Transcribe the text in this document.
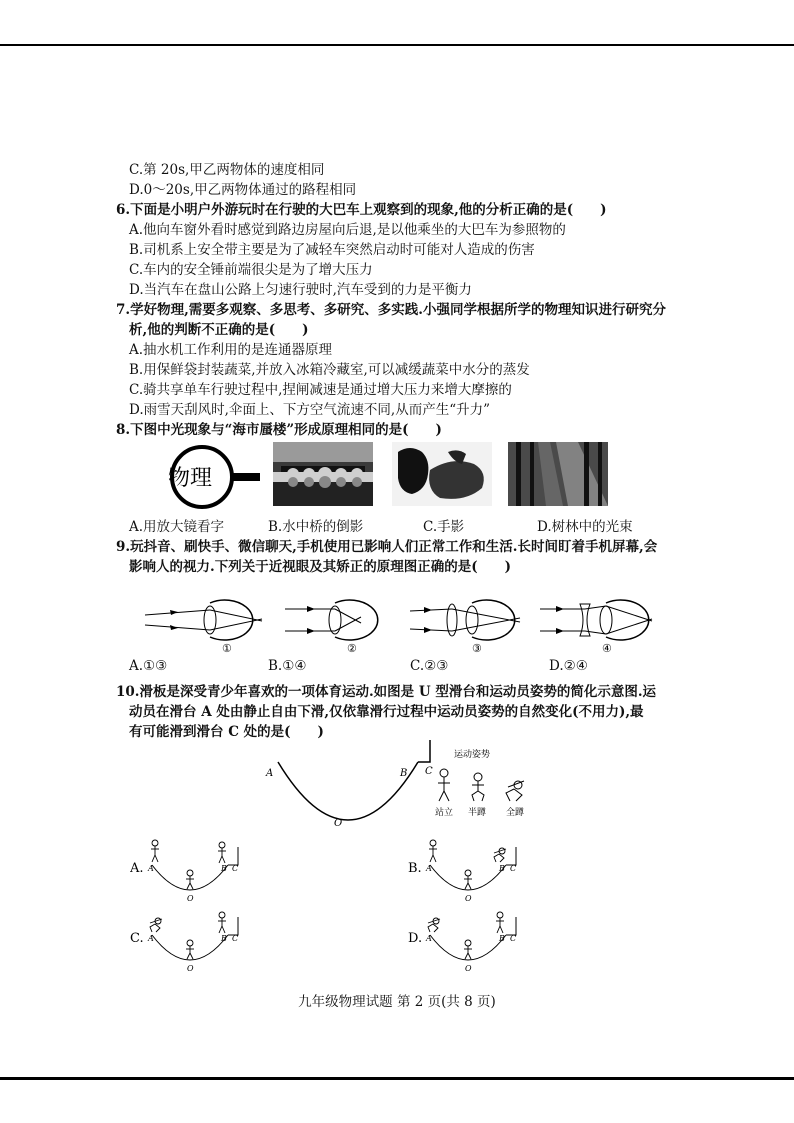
C.第 20s,甲乙两物体的速度相同
D.0～20s,甲乙两物体通过的路程相同
6.下面是小明户外游玩时在行驶的大巴车上观察到的现象,他的分析正确的是(　　)
A.他向车窗外看时感觉到路边房屋向后退,是以他乘坐的大巴车为参照物的
B.司机系上安全带主要是为了减轻车突然启动时可能对人造成的伤害
C.车内的安全锤前端很尖是为了增大压力
D.当汽车在盘山公路上匀速行驶时,汽车受到的力是平衡力
7.学好物理,需要多观察、多思考、多研究、多实践.小强同学根据所学的物理知识进行研究分
析,他的判断不正确的是(　　)
A.抽水机工作利用的是连通器原理
B.用保鲜袋封装蔬菜,并放入冰箱冷藏室,可以减缓蔬菜中水分的蒸发
C.骑共享单车行驶过程中,捏闸减速是通过增大压力来增大摩擦的
D.雨雪天刮风时,伞面上、下方空气流速不同,从而产生“升力”
8.下图中光现象与“海市蜃楼”形成原理相同的是(　　)
物理
A.用放大镜看字	B.水中桥的倒影	C.手影	D.树林中的光束
9.玩抖音、刷快手、微信聊天,手机使用已影响人们正常工作和生活.长时间盯着手机屏幕,会
影响人的视力.下列关于近视眼及其矫正的原理图正确的是(　　)
①	②	③	④
A.①③	B.①④	C.②③	D.②④
10.滑板是深受青少年喜欢的一项体育运动.如图是 U 型滑台和运动员姿势的简化示意图.运
动员在滑台 A 处由静止自由下滑,仅依靠滑行过程中运动员姿势的自然变化(不用力),最
有可能滑到滑台 C 处的是(　　)
A	B C
O
运动姿势
站立 半蹲 全蹲
A. A	B C
O
B. A	B C
O
C. A	B C
O
D. A	B C
O
九年级物理试题 第 2 页(共 8 页)
